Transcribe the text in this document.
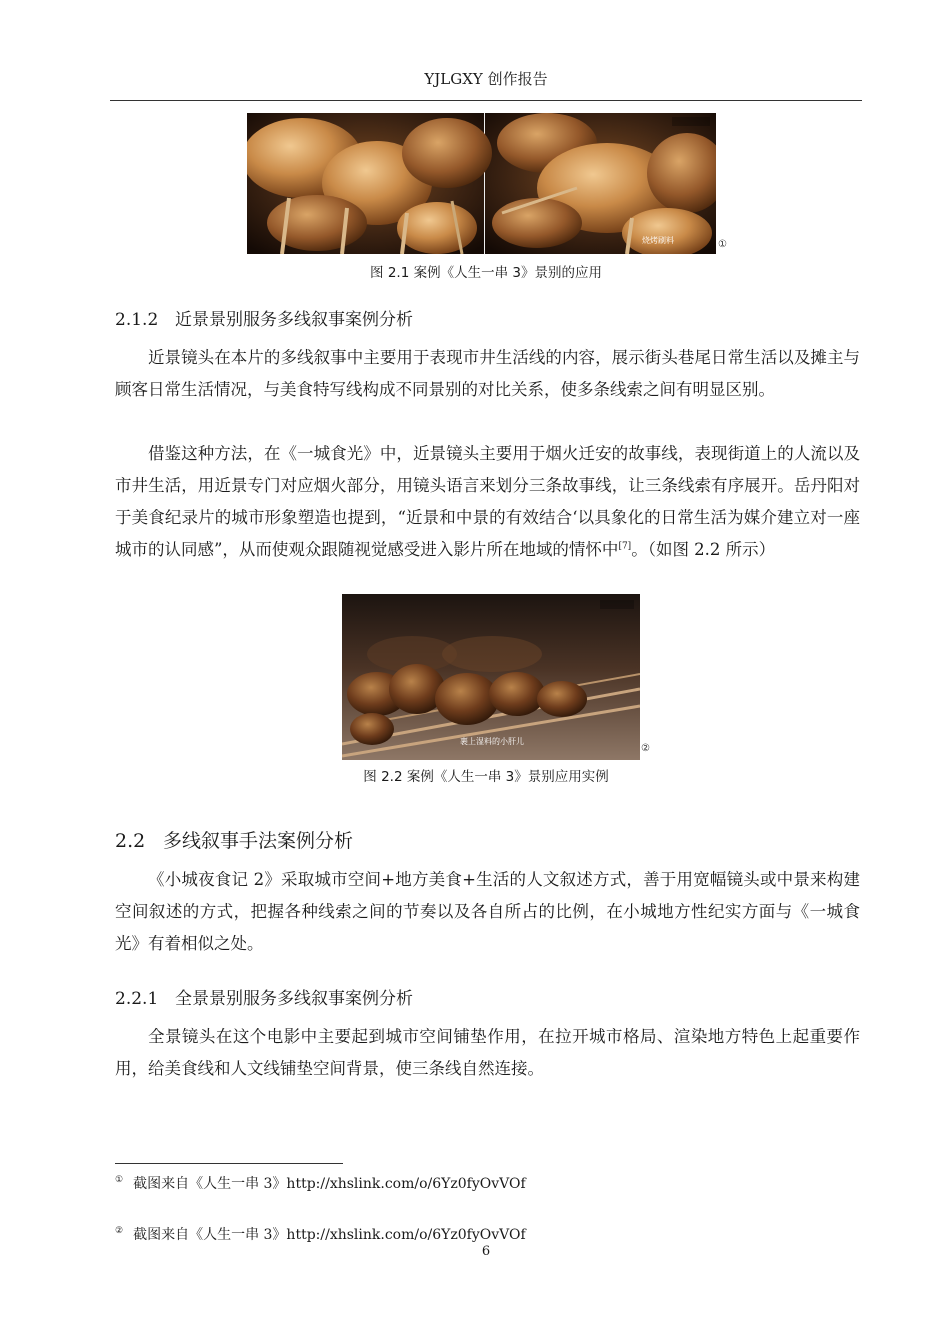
YJLGXY 创作报告
烧烤刷料	①
图 2.1 案例《人生一串 3》景别的应用
2.1.2 近景景别服务多线叙事案例分析

近景镜头在本片的多线叙事中主要用于表现市井生活线的内容，展示街头巷尾日常生活以及摊主与顾客日常生活情况，与美食特写线构成不同景别的对比关系，使多条线索之间有明显区别。

借鉴这种方法，在《一城食光》中，近景镜头主要用于烟火迁安的故事线，表现街道上的人流以及市井生活，用近景专门对应烟火部分，用镜头语言来划分三条故事线，让三条线索有序展开。岳丹阳对于美食纪录片的城市形象塑造也提到，“近景和中景的有效结合‘以具象化的日常生活为媒介建立对一座城市的认同感”，从而使观众跟随视觉感受进入影片所在地域的情怀中[7]。（如图 2.2 所示）

裹上湿料的小肝儿
②
图 2.2 案例《人生一串 3》景别应用实例
2.2 多线叙事手法案例分析

《小城夜食记 2》采取城市空间+地方美食+生活的人文叙述方式，善于用宽幅镜头或中景来构建空间叙述的方式，把握各种线索之间的节奏以及各自所占的比例，在小城地方性纪实方面与《一城食光》有着相似之处。

2.2.1 全景景别服务多线叙事案例分析

全景镜头在这个电影中主要起到城市空间铺垫作用，在拉开城市格局、渲染地方特色上起重要作用，给美食线和人文线铺垫空间背景，使三条线自然连接。

① 截图来自《人生一串 3》http://xhslink.com/o/6Yz0fyOvVOf
② 截图来自《人生一串 3》http://xhslink.com/o/6Yz0fyOvVOf
6
